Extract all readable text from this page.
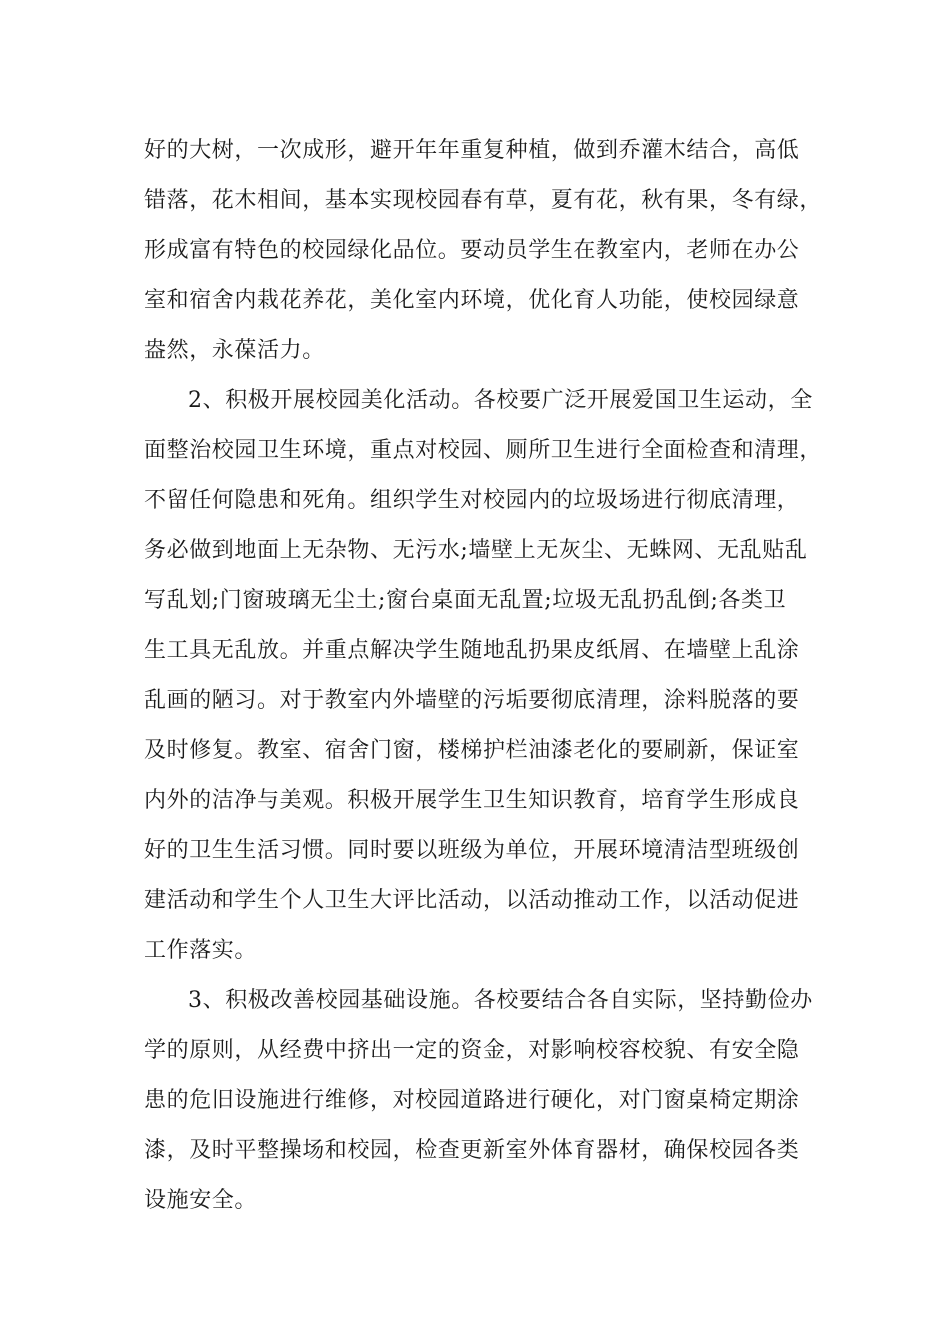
好的大树，一次成形，避开年年重复种植，做到乔灌木结合，高低
错落，花木相间，基本实现校园春有草，夏有花，秋有果，冬有绿，
形成富有特色的校园绿化品位。要动员学生在教室内，老师在办公
室和宿舍内栽花养花，美化室内环境，优化育人功能，使校园绿意
盎然，永葆活力。
2、积极开展校园美化活动。各校要广泛开展爱国卫生运动，全
面整治校园卫生环境，重点对校园、厕所卫生进行全面检查和清理，
不留任何隐患和死角。组织学生对校园内的垃圾场进行彻底清理，
务必做到地面上无杂物、无污水;墙壁上无灰尘、无蛛网、无乱贴乱
写乱划;门窗玻璃无尘土;窗台桌面无乱置;垃圾无乱扔乱倒;各类卫
生工具无乱放。并重点解决学生随地乱扔果皮纸屑、在墙壁上乱涂
乱画的陋习。对于教室内外墙壁的污垢要彻底清理，涂料脱落的要
及时修复。教室、宿舍门窗，楼梯护栏油漆老化的要刷新，保证室
内外的洁净与美观。积极开展学生卫生知识教育，培育学生形成良
好的卫生生活习惯。同时要以班级为单位，开展环境清洁型班级创
建活动和学生个人卫生大评比活动，以活动推动工作，以活动促进
工作落实。
3、积极改善校园基础设施。各校要结合各自实际，坚持勤俭办
学的原则，从经费中挤出一定的资金，对影响校容校貌、有安全隐
患的危旧设施进行维修，对校园道路进行硬化，对门窗桌椅定期涂
漆，及时平整操场和校园，检查更新室外体育器材，确保校园各类
设施安全。
